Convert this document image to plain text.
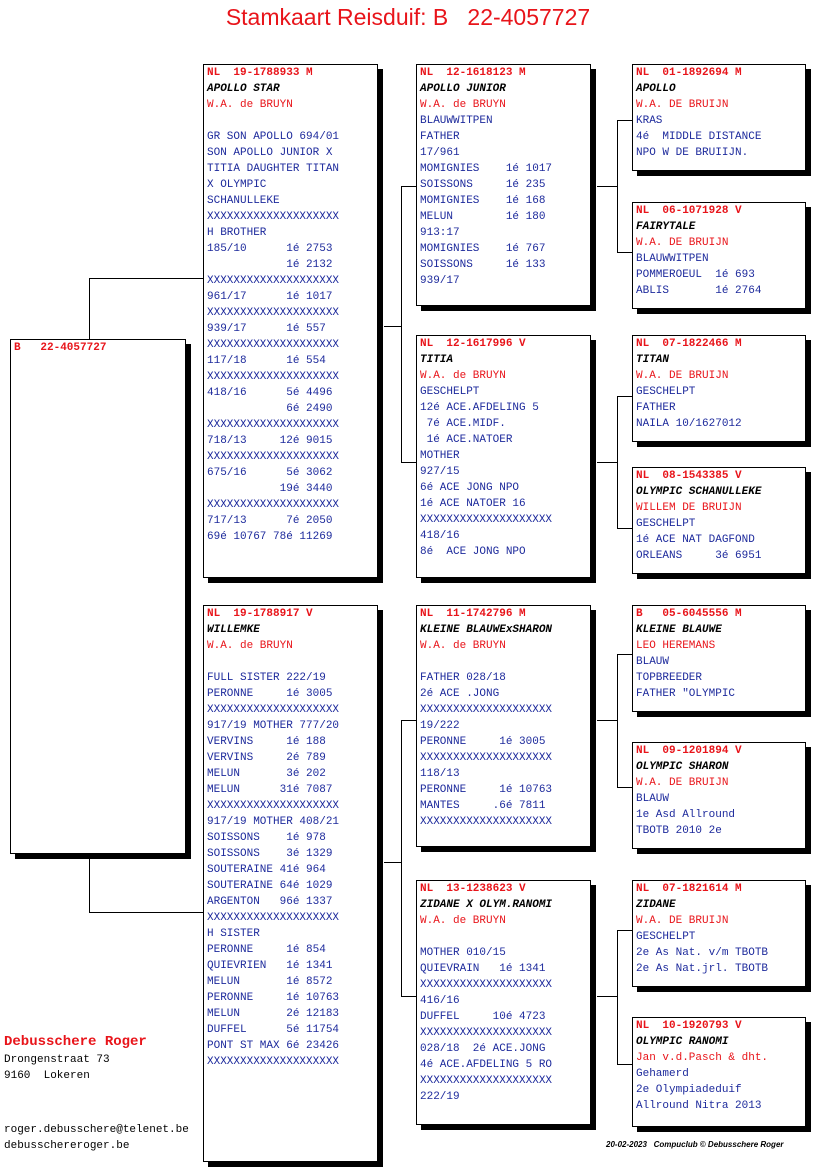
Stamkaart Reisduif: B   22-4057727
B   22-4057727
NL  19-1788933 M
APOLLO STAR
W.A. de BRUYN
GR SON APOLLO 694/01
SON APOLLO JUNIOR X
TITIA DAUGHTER TITAN
X OLYMPIC
SCHANULLEKE
XXXXXXXXXXXXXXXXXXXX
H BROTHER
185/10      1é 2753
1é 2132
XXXXXXXXXXXXXXXXXXXX
961/17      1é 1017
XXXXXXXXXXXXXXXXXXXX
939/17      1é 557
XXXXXXXXXXXXXXXXXXXX
117/18      1é 554
XXXXXXXXXXXXXXXXXXXX
418/16      5é 4496
6é 2490
XXXXXXXXXXXXXXXXXXXX
718/13     12é 9015
XXXXXXXXXXXXXXXXXXXX
675/16      5é 3062
19é 3440
XXXXXXXXXXXXXXXXXXXX
717/13      7é 2050
69é 10767 78é 11269
NL  19-1788917 V
WILLEMKE
W.A. de BRUYN
FULL SISTER 222/19
PERONNE     1é 3005
XXXXXXXXXXXXXXXXXXXX
917/19 MOTHER 777/20
VERVINS     1é 188
VERVINS     2é 789
MELUN       3é 202
MELUN      31é 7087
XXXXXXXXXXXXXXXXXXXX
917/19 MOTHER 408/21
SOISSONS    1é 978
SOISSONS    3é 1329
SOUTERAINE 41é 964
SOUTERAINE 64é 1029
ARGENTON   96é 1337
XXXXXXXXXXXXXXXXXXXX
H SISTER
PERONNE     1é 854
QUIEVRIEN   1é 1341
MELUN       1é 8572
PERONNE     1é 10763
MELUN       2é 12183
DUFFEL      5é 11754
PONT ST MAX 6é 23426
XXXXXXXXXXXXXXXXXXXX
NL  12-1618123 M
APOLLO JUNIOR
W.A. de BRUYN
BLAUWWITPEN
FATHER
17/961
MOMIGNIES    1é 1017
SOISSONS     1é 235
MOMIGNIES    1é 168
MELUN        1é 180
913:17
MOMIGNIES    1é 767
SOISSONS     1é 133
939/17
NL  12-1617996 V
TITIA
W.A. de BRUYN
GESCHELPT
12é ACE.AFDELING 5
7é ACE.MIDF.
1é ACE.NATOER
MOTHER
927/15
6é ACE JONG NPO
1é ACE NATOER 16
XXXXXXXXXXXXXXXXXXXX
418/16
8é  ACE JONG NPO
NL  11-1742796 M
KLEINE BLAUWExSHARON
W.A. de BRUYN
FATHER 028/18
2é ACE .JONG
XXXXXXXXXXXXXXXXXXXX
19/222
PERONNE     1é 3005
XXXXXXXXXXXXXXXXXXXX
118/13
PERONNE     1é 10763
MANTES     .6é 7811
XXXXXXXXXXXXXXXXXXXX
NL  13-1238623 V
ZIDANE X OLYM.RANOMI
W.A. de BRUYN
MOTHER 010/15
QUIEVRAIN   1é 1341
XXXXXXXXXXXXXXXXXXXX
416/16
DUFFEL     10é 4723
XXXXXXXXXXXXXXXXXXXX
028/18  2é ACE.JONG
4é ACE.AFDELING 5 RO
XXXXXXXXXXXXXXXXXXXX
222/19
NL  01-1892694 M
APOLLO
W.A. DE BRUIJN
KRAS
4é  MIDDLE DISTANCE
NPO W DE BRUIIJN.
NL  06-1071928 V
FAIRYTALE
W.A. DE BRUIJN
BLAUWWITPEN
POMMEROEUL  1é 693
ABLIS       1é 2764
NL  07-1822466 M
TITAN
W.A. DE BRUIJN
GESCHELPT
FATHER
NAILA 10/1627012
NL  08-1543385 V
OLYMPIC SCHANULLEKE
WILLEM DE BRUIJN
GESCHELPT
1é ACE NAT DAGFOND
ORLEANS     3é 6951
B   05-6045556 M
KLEINE BLAUWE
LEO HEREMANS
BLAUW
TOPBREEDER
FATHER "OLYMPIC
NL  09-1201894 V
OLYMPIC SHARON
W.A. DE BRUIJN
BLAUW
1e Asd Allround
TBOTB 2010 2e
NL  07-1821614 M
ZIDANE
W.A. DE BRUIJN
GESCHELPT
2e As Nat. v/m TBOTB
2e As Nat.jrl. TBOTB
NL  10-1920793 V
OLYMPIC RANOMI
Jan v.d.Pasch & dht.
Gehamerd
2e Olympiadeduif
Allround Nitra 2013
Debusschere Roger
Drongenstraat 73
9160  Lokeren
roger.debusschere@telenet.be
debusschereroger.be	20-02-2023   Compuclub © Debusschere Roger
